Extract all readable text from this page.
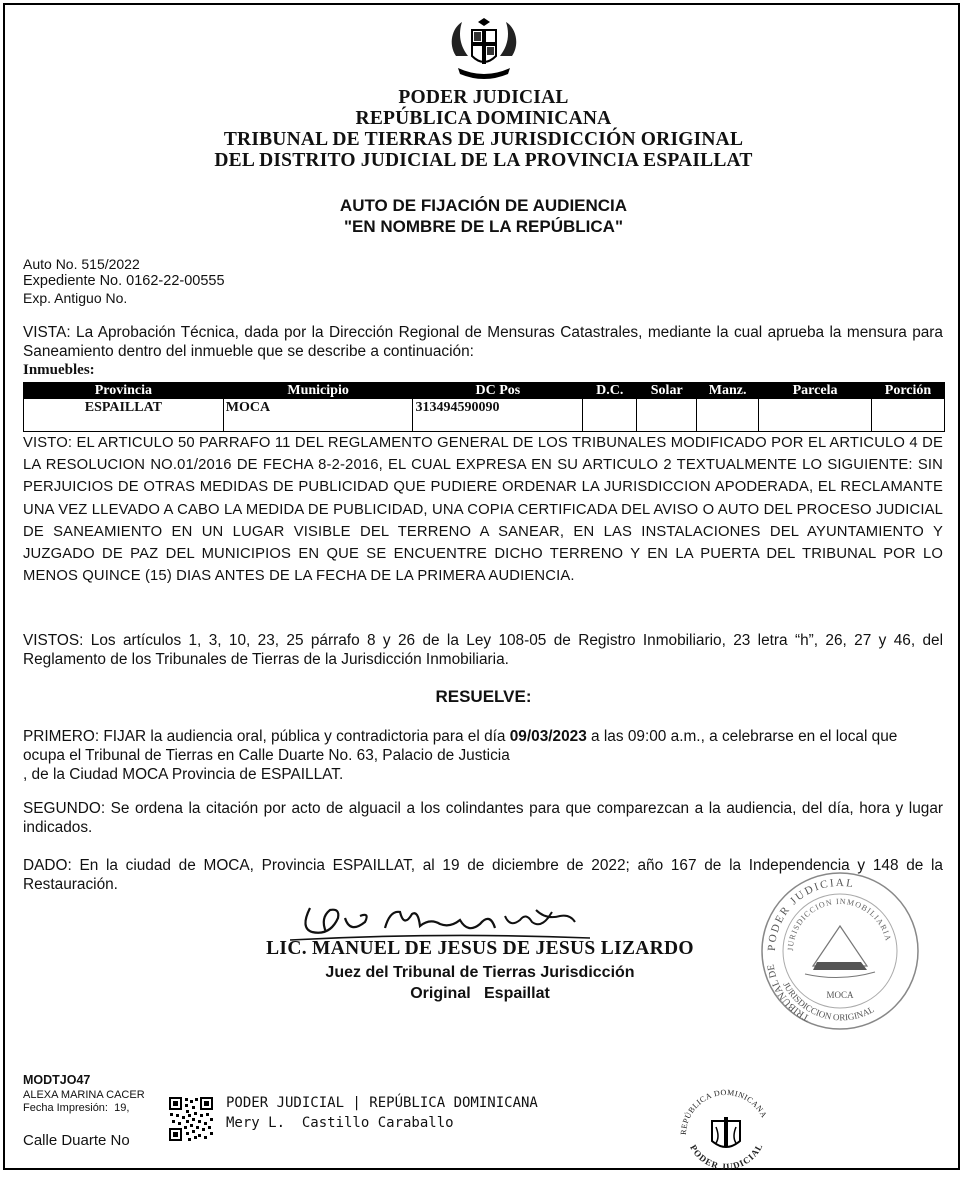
PODER JUDICIAL
REPÚBLICA DOMINICANA
TRIBUNAL DE TIERRAS DE JURISDICCIÓN ORIGINAL
DEL DISTRITO JUDICIAL DE LA PROVINCIA ESPAILLAT
AUTO DE FIJACIÓN DE AUDIENCIA
"EN NOMBRE DE LA REPÚBLICA"
Auto No. 515/2022
Expediente No. 0162-22-00555
Exp. Antiguo No.
VISTA: La Aprobación Técnica, dada por la Dirección Regional de Mensuras Catastrales, mediante la cual aprueba la mensura para Saneamiento dentro del inmueble que se describe a continuación:
Inmuebles:
Provincia	Municipio	DC Pos	D.C.	Solar	Manz.	Parcela	Porción
ESPAILLAT	MOCA	313494590090					
VISTO: EL ARTICULO 50 PARRAFO 11 DEL REGLAMENTO GENERAL DE LOS TRIBUNALES MODIFICADO POR EL ARTICULO 4 DE LA RESOLUCION NO.01/2016 DE FECHA 8-2-2016, EL CUAL EXPRESA EN SU ARTICULO 2 TEXTUALMENTE LO SIGUIENTE: SIN PERJUICIOS DE OTRAS MEDIDAS DE PUBLICIDAD QUE PUDIERE ORDENAR LA JURISDICCION APODERADA, EL RECLAMANTE UNA VEZ LLEVADO A CABO LA MEDIDA DE PUBLICIDAD, UNA COPIA CERTIFICADA DEL AVISO O AUTO DEL PROCESO JUDICIAL DE SANEAMIENTO EN UN LUGAR VISIBLE DEL TERRENO A SANEAR, EN LAS INSTALACIONES DEL AYUNTAMIENTO Y JUZGADO DE PAZ DEL MUNICIPIOS EN QUE SE ENCUENTRE DICHO TERRENO Y EN LA PUERTA DEL TRIBUNAL POR LO MENOS QUINCE (15) DIAS ANTES DE LA FECHA DE LA PRIMERA AUDIENCIA.
VISTOS: Los artículos 1, 3, 10, 23, 25 párrafo 8 y 26 de la Ley 108-05 de Registro Inmobiliario, 23 letra “h”, 26, 27 y 46, del Reglamento de los Tribunales de Tierras de la Jurisdicción Inmobiliaria.
RESUELVE:
PRIMERO: FIJAR la audiencia oral, pública y contradictoria para el día 09/03/2023 a las 09:00 a.m., a celebrarse en el local que ocupa el Tribunal de Tierras en Calle Duarte No. 63, Palacio de Justicia
, de la Ciudad MOCA Provincia de ESPAILLAT.
SEGUNDO: Se ordena la citación por acto de alguacil a los colindantes para que comparezcan a la audiencia, del día, hora y lugar indicados.
DADO: En la ciudad de MOCA, Provincia ESPAILLAT, al 19 de diciembre de 2022; año 167 de la Independencia y 148 de la Restauración.
LIC. MANUEL DE JESUS DE JESUS LIZARDO
Juez del Tribunal de Tierras Jurisdicción
Original   Espaillat
PODER JUDICIAL
JURISDICCION INMOBILIARIA
TRIBUNAL DE
JURISDICCION ORIGINAL
MOCA
MODTJO47
ALEXA MARINA CACER
Fecha Impresión:  19,
Calle Duarte No
PODER JUDICIAL | REPÚBLICA DOMINICANA
Mery L.  Castillo Caraballo
REPÚBLICA DOMINICANA
PODER JUDICIAL
